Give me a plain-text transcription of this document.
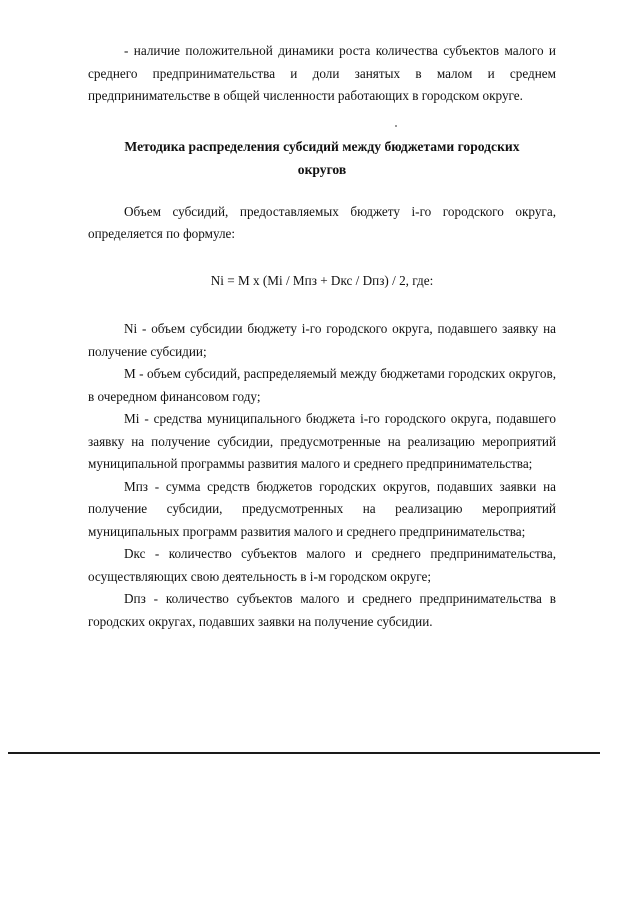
- наличие положительной динамики роста количества субъектов малого и среднего предпринимательства и доли занятых в малом и среднем предпринимательстве в общей численности работающих в городском округе.

Методика распределения субсидий между бюджетами городских округов

Объем субсидий, предоставляемых бюджету i-го городского округа, определяется по формуле:

Ni = M x (Mi / Мпз + Dкс / Dпз) / 2, где:

Ni - объем субсидии бюджету i-го городского округа, подавшего заявку на получение субсидии;

M - объем субсидий, распределяемый между бюджетами городских округов, в очередном финансовом году;

Mi - средства муниципального бюджета i-го городского округа, подавшего заявку на получение субсидии, предусмотренные на реализацию мероприятий муниципальной программы развития малого и среднего предпринимательства;

Мпз - сумма средств бюджетов городских округов, подавших заявки на получение субсидии, предусмотренных на реализацию мероприятий муниципальных программ развития малого и среднего предпринимательства;

Dкс - количество субъектов малого и среднего предпринимательства, осуществляющих свою деятельность в i-м городском округе;

Dпз - количество субъектов малого и среднего предпринимательства в городских округах, подавших заявки на получение субсидии.
